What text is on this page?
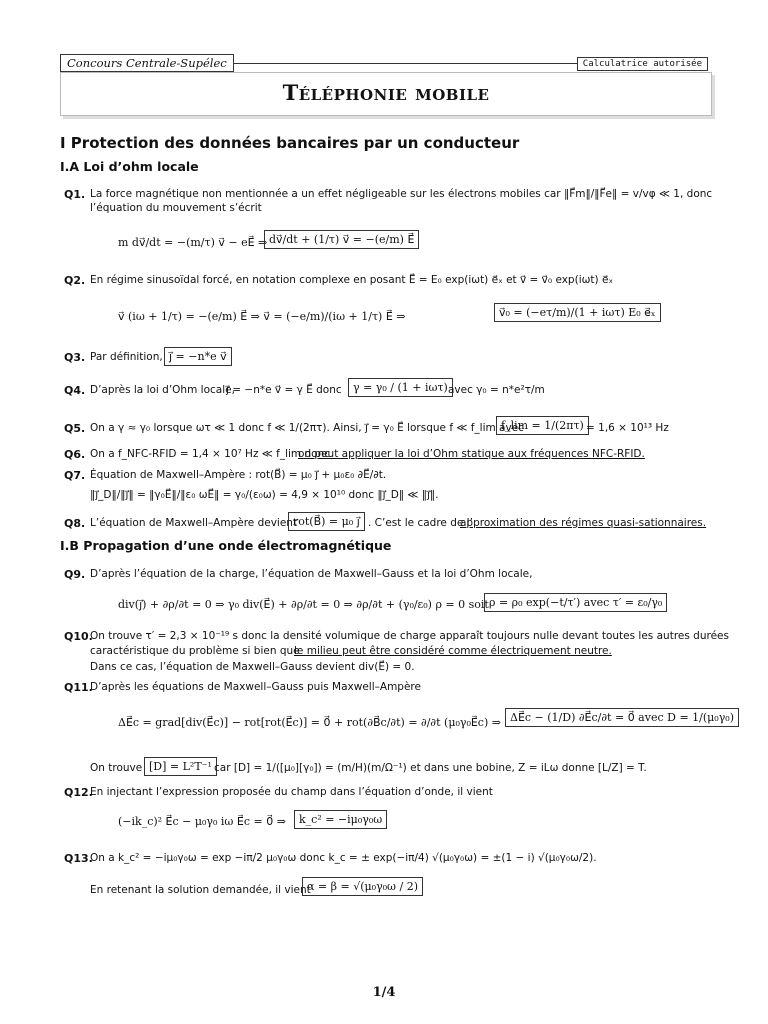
Concours Centrale-Supélec	Calculatrice autorisée
Téléphonie mobile
I Protection des données bancaires par un conducteur
I.A Loi d’ohm locale
Q1. La force magnétique non mentionnée a un effet négligeable sur les électrons mobiles car ‖F⃗m‖/‖F⃗e‖ = v/vφ ≪ 1, donc
l’équation du mouvement s’écrit
m dv⃗/dt = −(m/τ) v⃗ − eE⃗ ⇒ dv⃗/dt + (1/τ) v⃗ = −(e/m) E⃗
Q2. En régime sinusoïdal forcé, en notation complexe en posant E⃗ = E₀ exp(iωt) e⃗ₓ et v⃗ = v⃗₀ exp(iωt) e⃗ₓ
v⃗ (iω + 1/τ) = −(e/m) E⃗ ⇒ v⃗ = (−e/m)/(iω + 1/τ) E⃗ ⇒	v⃗₀ = (−eτ/m)/(1 + iωτ) E₀ e⃗ₓ
Q3. Par définition, j⃗ = −n*e v⃗
Q4. D’après la loi d’Ohm locale,
j⃗ = −n*e v⃗ = γ E⃗ donc	γ = γ₀ / (1 + iωτ) avec γ₀ = n*e²τ/m
Q5. On a γ ≈ γ₀ lorsque ωτ ≪ 1 donc f ≪ 1/(2πτ). Ainsi, j⃗ = γ₀ E⃗ lorsque f ≪ f_lim avec
f_lim = 1/(2πτ) = 1,6 × 10¹³ Hz
Q6. On a f_NFC-RFID = 1,4 × 10⁷ Hz ≪ f_lim donc
on peut appliquer la loi d’Ohm statique aux fréquences NFC-RFID.
Q7. Équation de Maxwell–Ampère : rot(B⃗) = μ₀ j⃗ + μ₀ε₀ ∂E⃗/∂t.
‖j⃗_D‖/‖j⃗‖ = ‖γ₀E⃗‖/‖ε₀ ωE⃗‖ = γ₀/(ε₀ω) = 4,9 × 10¹⁰ donc ‖j⃗_D‖ ≪ ‖j⃗‖.
Q8. L’équation de Maxwell–Ampère devient
rot(B⃗) = μ₀ j⃗ . C’est le cadre de l’
approximation des régimes quasi-sationnaires.
I.B Propagation d’une onde électromagnétique
Q9. D’après l’équation de la charge, l’équation de Maxwell–Gauss et la loi d’Ohm locale,
div(j⃗) + ∂ρ/∂t = 0 ⇒ γ₀ div(E⃗) + ∂ρ/∂t = 0 ⇒ ∂ρ/∂t + (γ₀/ε₀) ρ = 0 soit ρ = ρ₀ exp(−t/τ′) avec τ′ = ε₀/γ₀
Q10.
On trouve τ′ = 2,3 × 10⁻¹⁹ s donc la densité volumique de charge apparaît toujours nulle devant toutes les autres durées
caractéristique du problème si bien que
le milieu peut être considéré comme électriquement neutre.
Dans ce cas, l’équation de Maxwell–Gauss devient div(E⃗) = 0.
Q11.
D’après les équations de Maxwell–Gauss puis Maxwell–Ampère
ΔE⃗c = grad[div(E⃗c)] − rot[rot(E⃗c)] = 0⃗ + rot(∂B⃗c/∂t) = ∂/∂t (μ₀γ₀E⃗c) ⇒ ΔE⃗c − (1/D) ∂E⃗c/∂t = 0⃗ avec D = 1/(μ₀γ₀)
On trouve [D] = L²T⁻¹ car [D] = 1/([μ₀][γ₀]) = (m/H)(m/Ω⁻¹) et dans une bobine, Z = iLω donne [L/Z] = T.
Q12.
En injectant l’expression proposée du champ dans l’équation d’onde, il vient
(−ik_c)² E⃗c − μ₀γ₀ iω E⃗c = 0⃗ ⇒	k_c² = −iμ₀γ₀ω
Q13.
On a k_c² = −iμ₀γ₀ω = exp −iπ/2 μ₀γ₀ω donc k_c = ± exp(−iπ/4) √(μ₀γ₀ω) = ±(1 − i) √(μ₀γ₀ω/2).
En retenant la solution demandée, il vient
α = β = √(μ₀γ₀ω / 2)
1/4
